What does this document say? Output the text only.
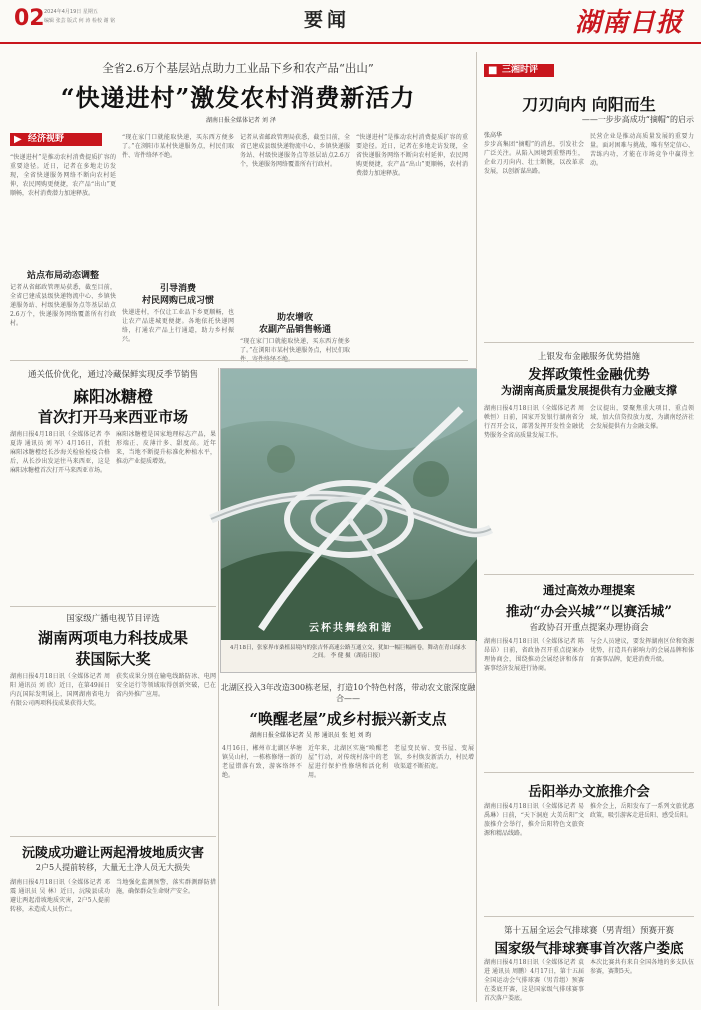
02 2024年4月19日 星期五
编辑 张芸 版式 何 涛 检校 谢 铭	要闻	湖南日报
全省2.6万个基层站点助力工业品下乡和农产品“出山”
“快递进村”激发农村消费新活力
湖南日报全媒体记者 刘 泽
▶ 经济视野
“快递进村”是推动农村消费提质扩容的重要途径。近日，记者在多地走访发现，全省快递服务网络不断向农村延伸，农民网购更便捷，农产品“出山”更顺畅，农村消费潜力加速释放。
站点布局动态调整
记者从省邮政管理局获悉，截至目前，全省已建成县级快递物流中心、乡镇快递服务站、村级快递服务点等基层站点2.6万个，快递服务网络覆盖所有行政村。
“现在家门口就能取快递，买东西方便多了。”在浏阳市某村快递服务点，村民们取件、寄件络绎不绝。
引导消费
村民网购已成习惯
快递进村，不仅让工业品下乡更顺畅，也让农产品进城更便捷。各地依托快递网络，打通农产品上行通道，助力乡村振兴。
记者从省邮政管理局获悉，截至目前，全省已建成县级快递物流中心、乡镇快递服务站、村级快递服务点等基层站点2.6万个，快递服务网络覆盖所有行政村。
助农增收
农副产品销售畅通
“现在家门口就能取快递，买东西方便多了。”在浏阳市某村快递服务点，村民们取
“快递进村”是推动农村消费提质扩容的重要途径。近日，记者在多地走访发现，全省快递服务网络不断向农村延伸，农民网购更便捷，农产品“出山”更顺畅，农村消费潜力加速释放。
■ 三湘时评
刀刃向内 向阳而生
——一步步高成功“摘帽”的启示
张高华
步步高集团“摘帽”的消息，引发社会广泛关注。从陷入困境到重整再生，企业刀刃向内、壮士断腕，以改革求发展，以创新谋出路。
民营企业是推动高质量发展的重要力量。面对困难与挑战，唯有坚定信心、苦练内功，才能在市场竞争中赢得主动。
上银发布金融服务优势措施
发挥政策性金融优势
为湖南高质量发展提供有力金融支撑
湖南日报4月18日讯（全媒体记者 周帙恒）日前，国家开发银行湖南省分行召开会议，部署发挥开发性金融优势服务全省高质量发展工作。
会议提出，要聚焦重大项目、重点领域，加大信贷投放力度，为湖南经济社会发展提供有力金融支撑。
通过高效办理提案
推动“办会兴城”“以赛活城”
省政协召开重点提案办理协商会
湖南日报4月18日讯（全媒体记者 陈昂昂）日前，省政协召开重点提案办理协商会，围绕推动会展经济和体育赛事经济发展进行协商。
与会人员建议，要发挥湖南区位和资源优势，打造具有影响力的会展品牌和体育赛事品牌，促进消费升级。
岳阳举办文旅推介会
湖南日报4月18日讯（全媒体记者 易禹琳）日前，“天下洞庭 大美岳阳”文旅推介会举行，推介岳阳特色文旅资源和精品线路。
推介会上，岳阳发布了一系列文旅优惠政策，吸引游客走进岳阳、感受岳阳。
第十五届全运会气排球赛（男青组）预赛开赛
国家级气排球赛事首次落户娄底
湖南日报4月18日讯（全媒体记者 袁进 通讯员 周鹏）4月17日，第十五届全国运动会气排球赛（男青组）预赛在娄底开赛，这是国家级气排球赛事首次落户娄底。
本次比赛共有来自全国各地的多支队伍参赛，赛期5天。
通关低价优化，通过冷藏保鲜实现反季节销售
麻阳冰糖橙
首次打开马来西亚市场
湖南日报4月18日讯（全媒体记者 李夏涛 通讯员 刘 军）4月16日，首批麻阳冰糖橙经长沙海关检验检疫合格后，从长沙出发运往马来西亚，这是麻阳冰糖橙首次打开马来西亚市场。
麻阳冰糖橙是国家地理标志产品，果形端正、皮薄汁多、甜度高。近年来，当地不断提升标准化种植水平，推动产业提质增效。
国家级广播电视节目评选
湖南两项电力科技成果
获国际大奖
湖南日报4月18日讯（全媒体记者 周 阳 通讯员 刘 欣）近日，在第49届日内瓦国际发明展上，国网湖南省电力有限公司两项科技成果获得大奖。
获奖成果分别在输电线路防冰、电网安全运行等领域取得创新突破，已在省内外推广应用。
沅陵成功避让两起滑坡地质灾害
2户5人提前转移，大量无土净人员无大损失
湖南日报4月18日讯（全媒体记者 邓 震 通讯员 吴 林）近日，沅陵县成功避让两起滑坡地质灾害，2户5人提前转移，未造成人员伤亡。
当地强化监测预警，落实群测群防措施，确保群众生命财产安全。
云杯共舞绘和谐
4月18日，张家界市桑植县境内的张吉怀高速公路互通立交，犹如一幅巨幅画卷，舞动在青山绿水之间。 李 健 摄（湖南日报）
北湖区投入3年改造300栋老屋，打造10个特色村落，带动农文旅深度融合——
“唤醒老屋”成乡村振兴新支点
湖南日报全媒体记者 吴 彤 通讯员 张 旭 刘 昀
4月16日，郴州市北湖区华塘镇吴山村，一栋栋修缮一新的老屋错落有致，游客络绎不绝。
近年来，北湖区实施“唤醒老屋”行动，对传统村落中的老屋进行保护性修缮和活化利用。
老屋变民宿、变书屋、变展馆，乡村焕发新活力，村民增收渠道不断拓宽。
